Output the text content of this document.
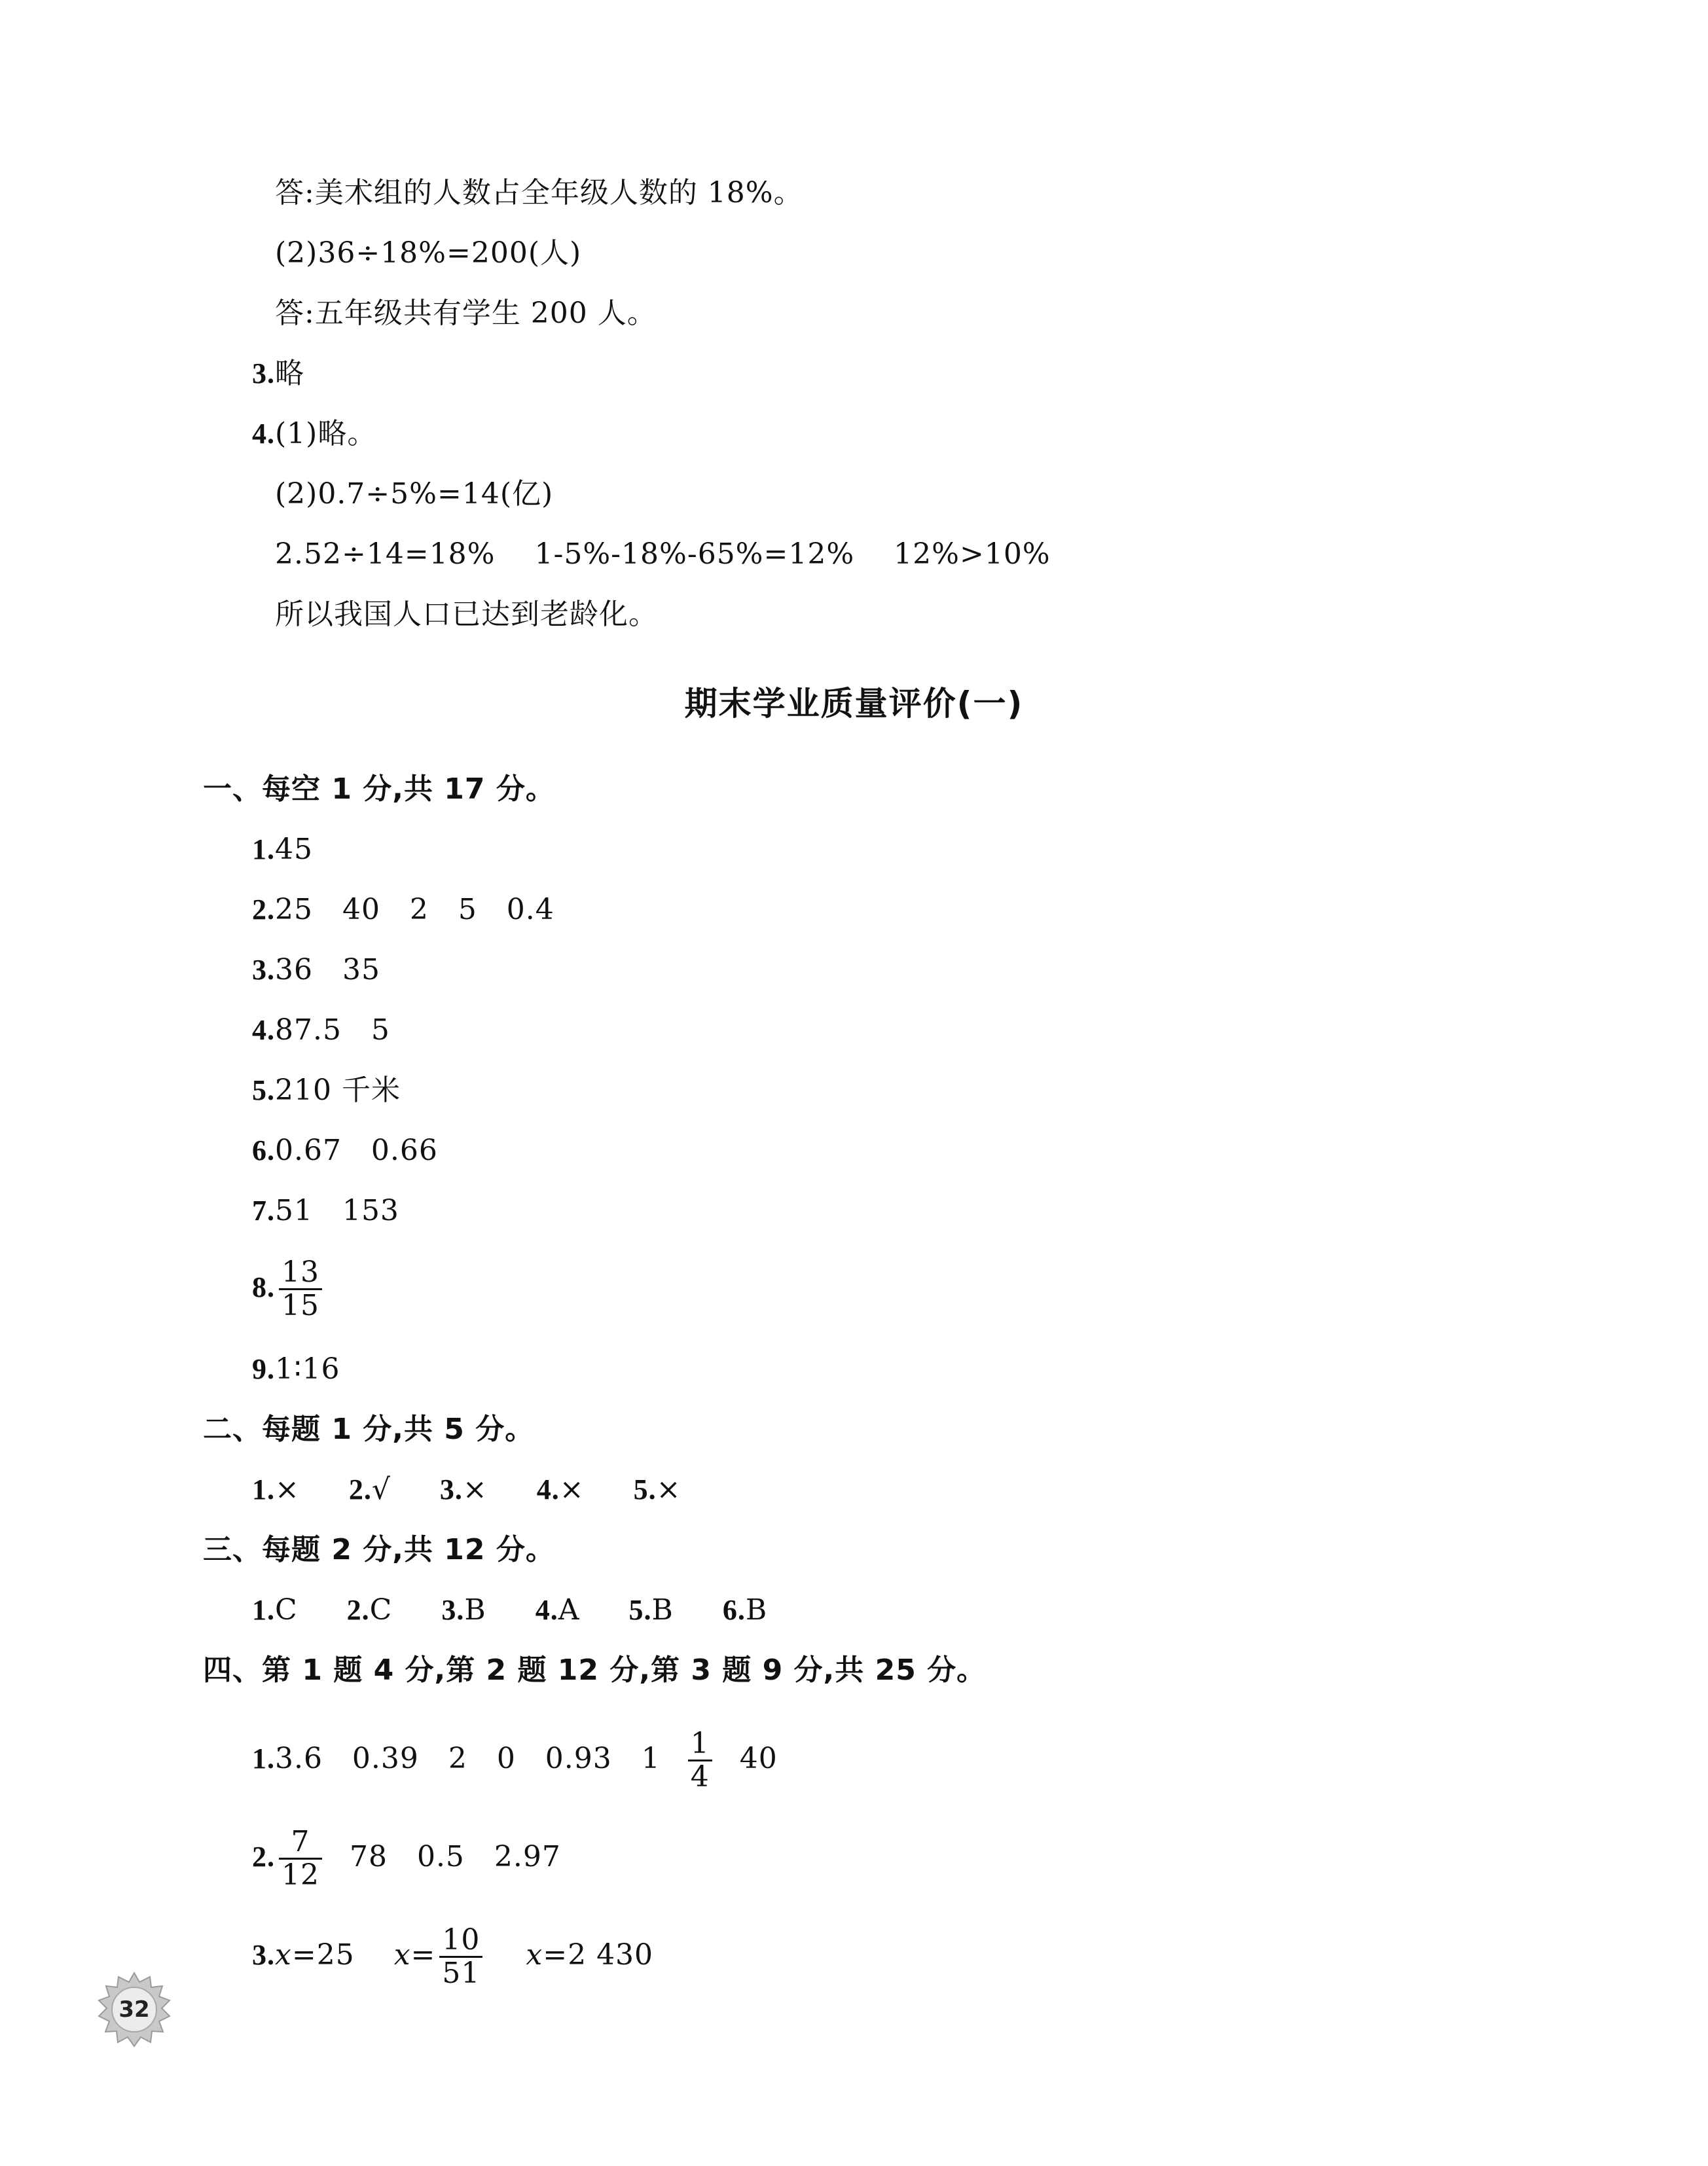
答:美术组的人数占全年级人数的 18%。
(2)36÷18%=200(人)
答:五年级共有学生 200 人。
3.略
4.(1)略。
(2)0.7÷5%=14(亿)
2.52÷14=18% 1-5%-18%-65%=12% 12%>10%
所以我国人口已达到老龄化。
期末学业质量评价(一)
一、每空 1 分,共 17 分。
1.45
2.25   40   2   5   0.4
3.36   35
4.87.5   5
5.210 千米
6.0.67   0.66
7.51   153
8. $\frac{13}{15}$
9.1∶16
二、每题 1 分,共 5 分。
1.× 2.√ 3.× 4.× 5.×
三、每题 2 分,共 12 分。
1.C 2.C 3.B 4.A 5.B 6.B
四、第 1 题 4 分,第 2 题 12 分,第 3 题 9 分,共 25 分。
1.3.6   0.39   2   0   0.93   $1 \frac{1}{4} 40$
2. $\frac{7}{12} 78$   0.5   2.97
3.x=25 $x= \frac{10}{51} x=2$ 430
32
